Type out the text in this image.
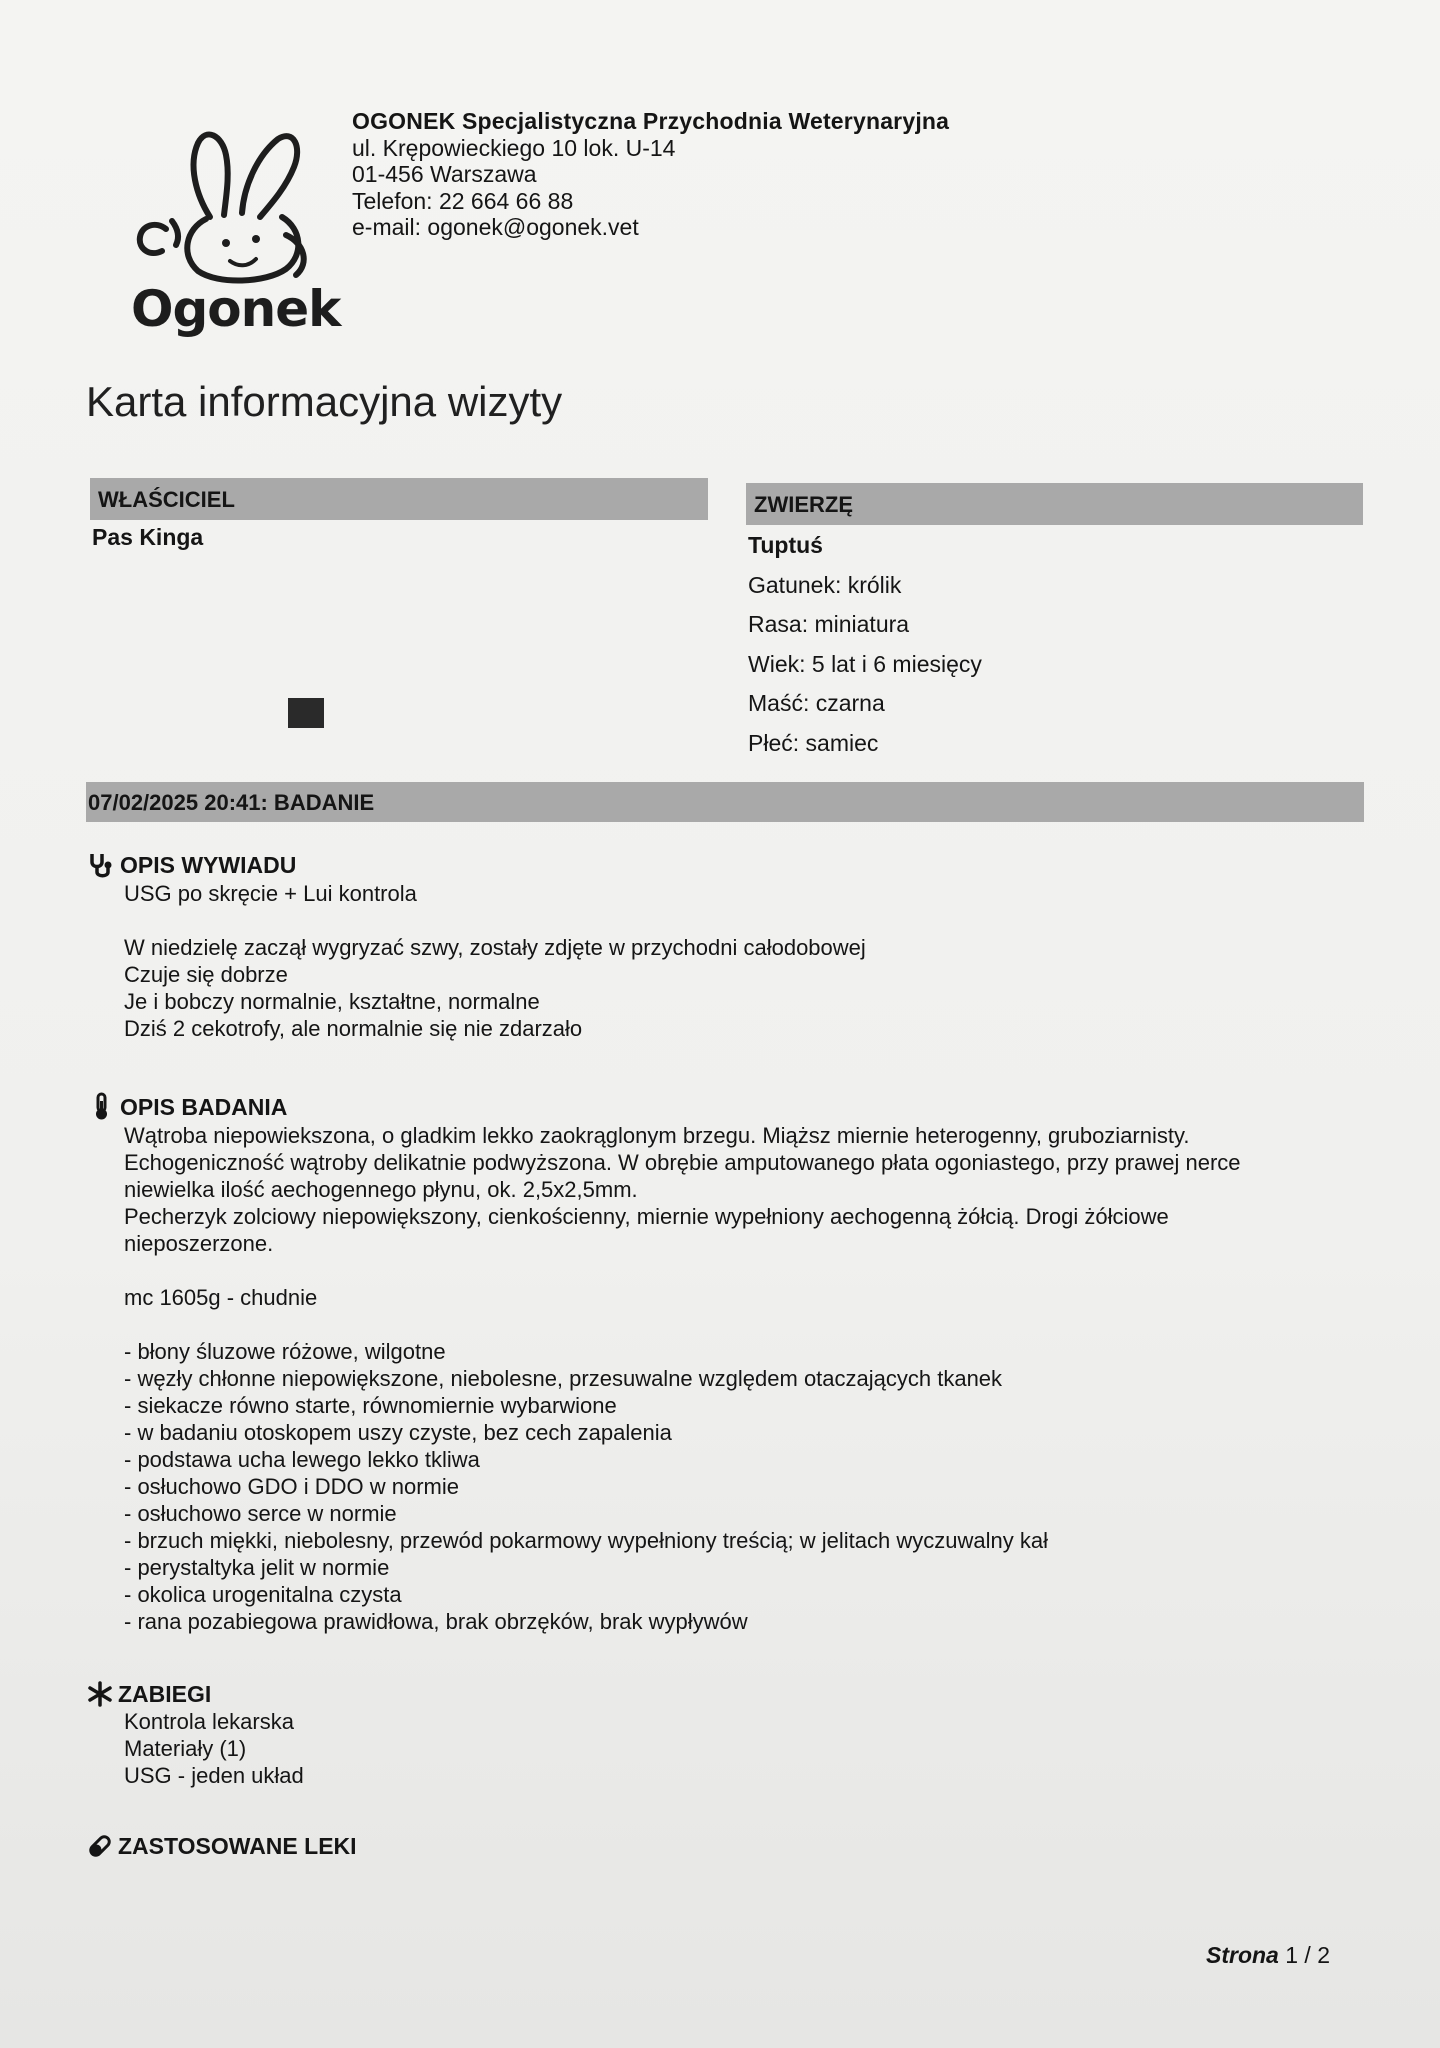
Ogonek
OGONEK Specjalistyczna Przychodnia Weterynaryjna
ul. Krępowieckiego 10 lok. U-14
01-456 Warszawa
Telefon: 22 664 66 88
e-mail: ogonek@ogonek.vet
Karta informacyjna wizyty
WŁAŚCICIEL
Pas Kinga
ZWIERZĘ
Tuptuś
Gatunek: królik
Rasa: miniatura
Wiek: 5 lat i 6 miesięcy
Maść: czarna
Płeć: samiec
07/02/2025 20:41: BADANIE
OPIS WYWIADU

USG po skręcie + Lui kontrola

W niedzielę zaczął wygryzać szwy, zostały zdjęte w przychodni całodobowej

Czuje się dobrze

Je i bobczy normalnie, kształtne, normalne

Dziś 2 cekotrofy, ale normalnie się nie zdarzało

OPIS BADANIA

Wątroba niepowiekszona, o gladkim lekko zaokrąglonym brzegu. Miąższ miernie heterogenny, gruboziarnisty.

Echogeniczność wątroby delikatnie podwyższona. W obrębie amputowanego płata ogoniastego, przy prawej nerce

niewielka ilość aechogennego płynu, ok. 2,5x2,5mm.

Pecherzyk zolciowy niepowiększony, cienkościenny, miernie wypełniony aechogenną żółcią. Drogi żółciowe

nieposzerzone.

mc 1605g - chudnie

- błony śluzowe różowe, wilgotne

- węzły chłonne niepowiększone, niebolesne, przesuwalne względem otaczających tkanek

- siekacze równo starte, równomiernie wybarwione

- w badaniu otoskopem uszy czyste, bez cech zapalenia

- podstawa ucha lewego lekko tkliwa

- osłuchowo GDO i DDO w normie

- osłuchowo serce w normie

- brzuch miękki, niebolesny, przewód pokarmowy wypełniony treścią; w jelitach wyczuwalny kał

- perystaltyka jelit w normie

- okolica urogenitalna czysta

- rana pozabiegowa prawidłowa, brak obrzęków, brak wypływów

ZABIEGI

Kontrola lekarska

Materiały (1)

USG - jeden układ

ZASTOSOWANE LEKI
Strona 1 / 2
